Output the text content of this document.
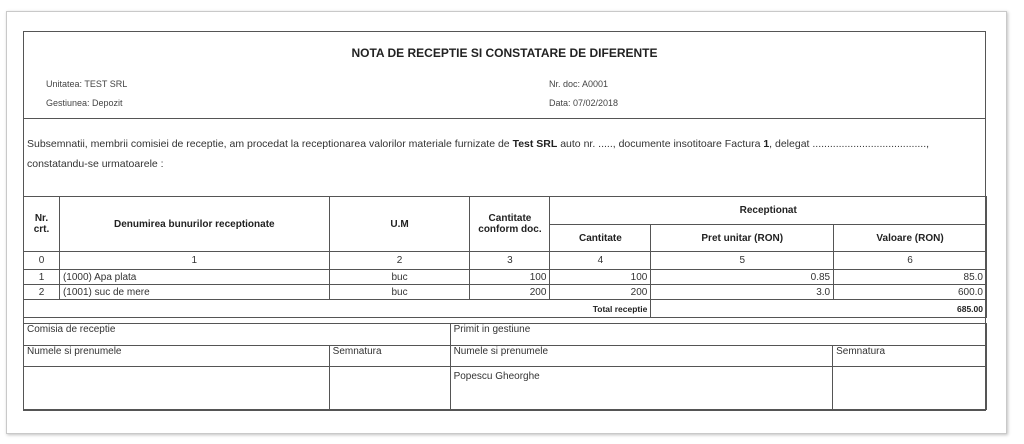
NOTA DE RECEPTIE SI CONSTATARE DE DIFERENTE
Unitatea: TEST SRL
Gestiunea: Depozit
Nr. doc: A0001
Data: 07/02/2018
Subsemnatii, membrii comisiei de receptie, am procedat la receptionarea valorilor materiale furnizate de Test SRL auto nr. ....., documente insotitoare Factura 1, delegat .......................................,
constatandu-se urmatoarele :
Nr. crt.	Denumirea bunurilor receptionate	U.M	Cantitate conform doc.	Receptionat		
				Cantitate	Pret unitar (RON)	Valoare (RON)
0	1	2	3	4	5	6
1	(1000) Apa plata	buc	100	100	0.85	85.0
2	(1001) suc de mere	buc	200	200	3.0	600.0
Total receptie					685.00	
Comisia de receptie		Primit in gestiune	
Numele si prenumele	Semnatura	Numele si prenumele	Semnatura
		Popescu Gheorghe	
